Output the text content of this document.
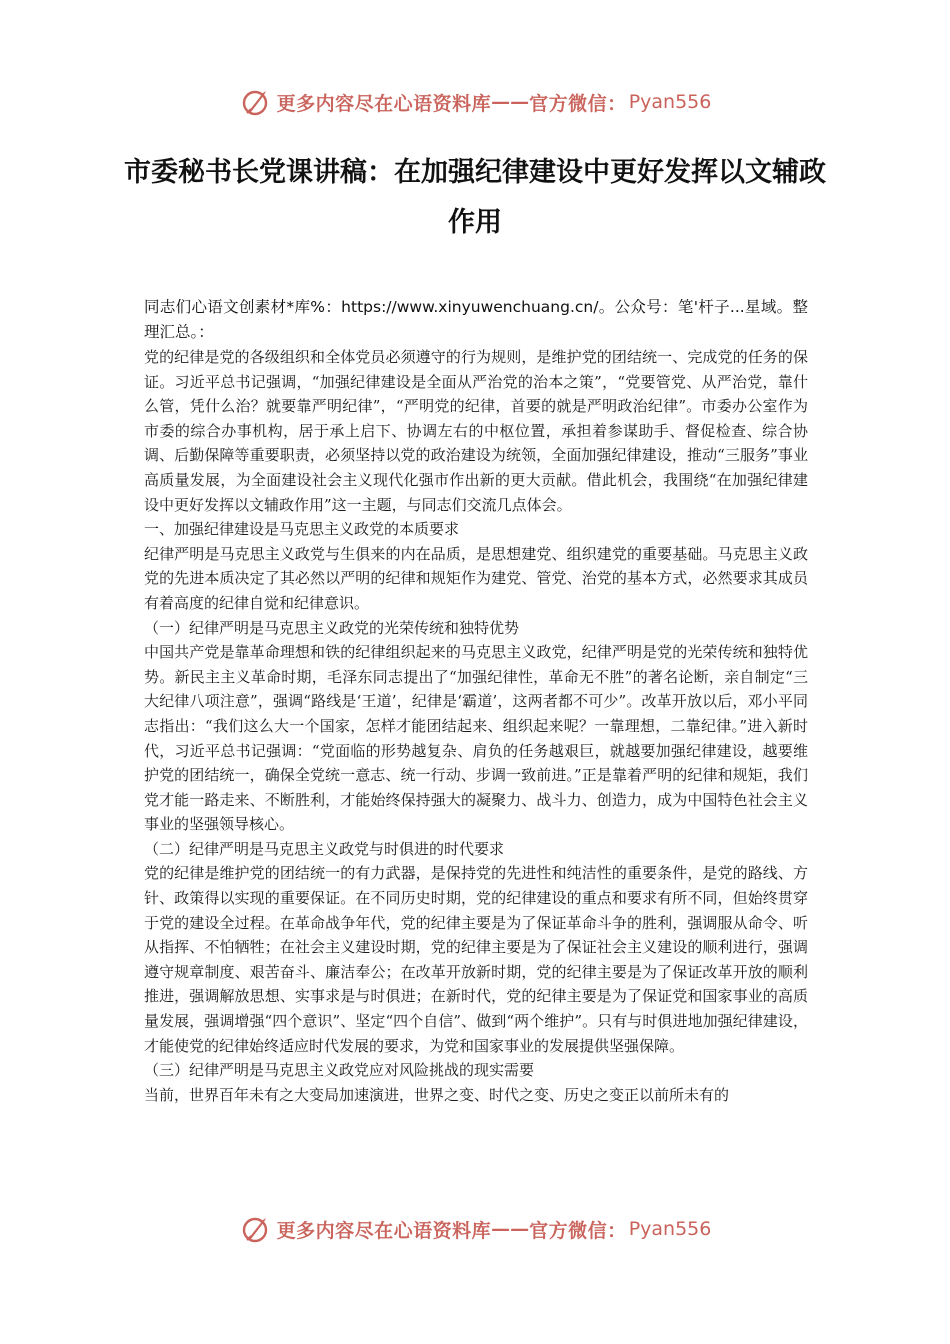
更多内容尽在心语资料库 —— 官方微信： Pyan556
市委秘书长党课讲稿：在加强纪律建设中更好发挥以文辅政作用

同志们心语文创素材*库%：https://www.xinyuwenchuang.cn/。公众号：笔'杆子...星域。整理汇总。：

党的纪律是党的各级组织和全体党员必须遵守的行为规则，是维护党的团结统一、完成党的任务的保证。习近平总书记强调，“加强纪律建设是全面从严治党的治本之策”，“党要管党、从严治党，靠什么管，凭什么治？就要靠严明纪律”，“严明党的纪律，首要的就是严明政治纪律”。市委办公室作为市委的综合办事机构，居于承上启下、协调左右的中枢位置，承担着参谋助手、督促检查、综合协调、后勤保障等重要职责，必须坚持以党的政治建设为统领，全面加强纪律建设，推动“三服务”事业高质量发展，为全面建设社会主义现代化强市作出新的更大贡献。借此机会，我围绕“在加强纪律建设中更好发挥以文辅政作用”这一主题，与同志们交流几点体会。

一、加强纪律建设是马克思主义政党的本质要求

纪律严明是马克思主义政党与生俱来的内在品质，是思想建党、组织建党的重要基础。马克思主义政党的先进本质决定了其必然以严明的纪律和规矩作为建党、管党、治党的基本方式，必然要求其成员有着高度的纪律自觉和纪律意识。

（一）纪律严明是马克思主义政党的光荣传统和独特优势

中国共产党是靠革命理想和铁的纪律组织起来的马克思主义政党，纪律严明是党的光荣传统和独特优势。新民主主义革命时期，毛泽东同志提出了“加强纪律性，革命无不胜”的著名论断，亲自制定“三大纪律八项注意”，强调“路线是‘王道’，纪律是‘霸道’，这两者都不可少”。改革开放以后，邓小平同志指出：“我们这么大一个国家，怎样才能团结起来、组织起来呢？一靠理想，二靠纪律。”进入新时代，习近平总书记强调：“党面临的形势越复杂、肩负的任务越艰巨，就越要加强纪律建设，越要维护党的团结统一，确保全党统一意志、统一行动、步调一致前进。”正是靠着严明的纪律和规矩，我们党才能一路走来、不断胜利，才能始终保持强大的凝聚力、战斗力、创造力，成为中国特色社会主义事业的坚强领导核心。

（二）纪律严明是马克思主义政党与时俱进的时代要求

党的纪律是维护党的团结统一的有力武器，是保持党的先进性和纯洁性的重要条件，是党的路线、方针、政策得以实现的重要保证。在不同历史时期，党的纪律建设的重点和要求有所不同，但始终贯穿于党的建设全过程。在革命战争年代，党的纪律主要是为了保证革命斗争的胜利，强调服从命令、听从指挥、不怕牺牲；在社会主义建设时期，党的纪律主要是为了保证社会主义建设的顺利进行，强调遵守规章制度、艰苦奋斗、廉洁奉公；在改革开放新时期，党的纪律主要是为了保证改革开放的顺利推进，强调解放思想、实事求是与时俱进；在新时代，党的纪律主要是为了保证党和国家事业的高质量发展，强调增强“四个意识”、坚定“四个自信”、做到“两个维护”。只有与时俱进地加强纪律建设，才能使党的纪律始终适应时代发展的要求，为党和国家事业的发展提供坚强保障。

（三）纪律严明是马克思主义政党应对风险挑战的现实需要

当前，世界百年未有之大变局加速演进，世界之变、时代之变、历史之变正以前所未有的

更多内容尽在心语资料库 —— 官方微信： Pyan556
